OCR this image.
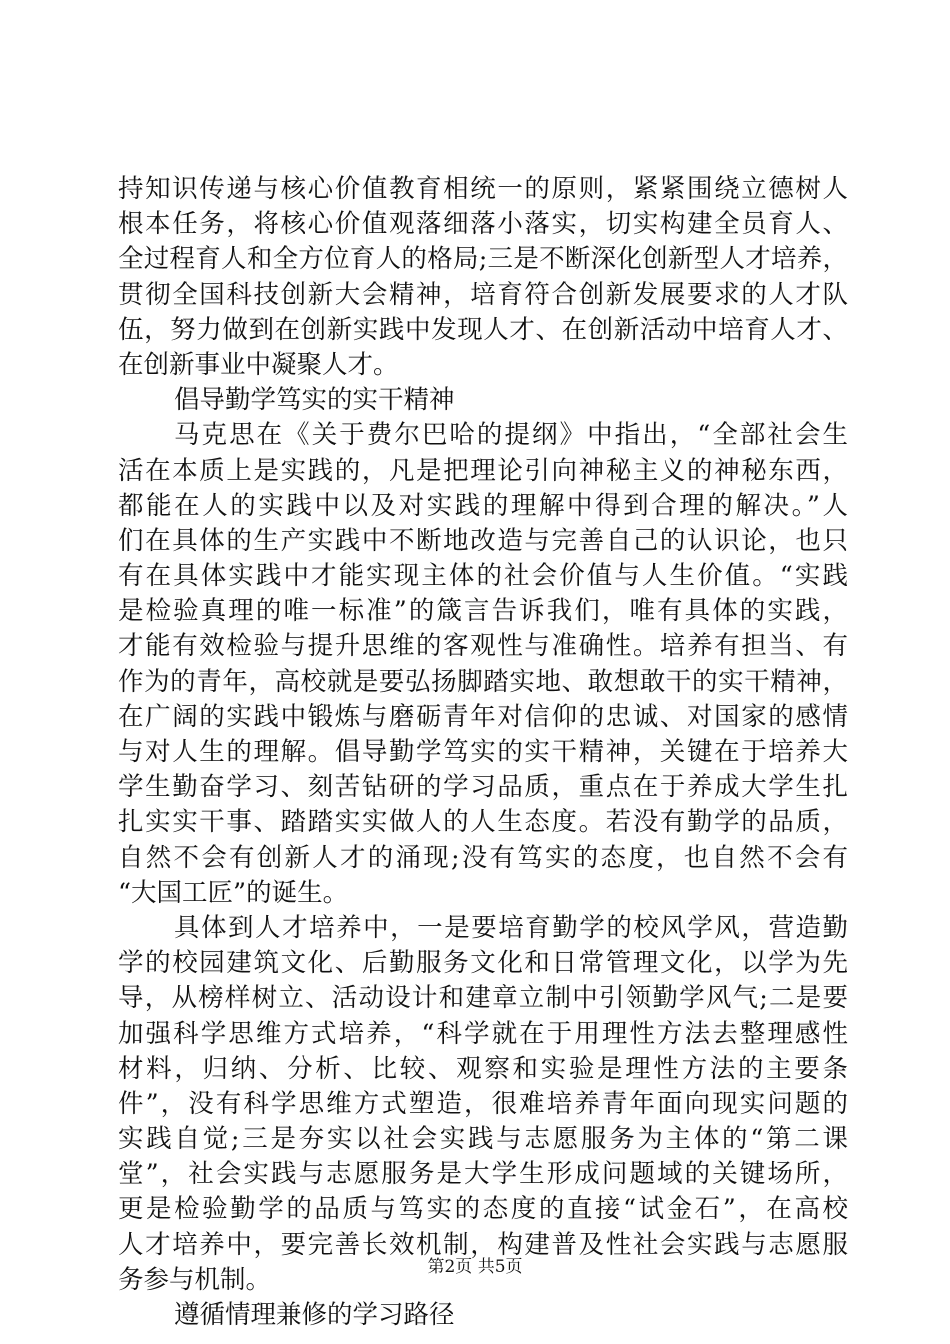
持知识传递与核心价值教育相统一的原则，紧紧围绕立德树人
根本任务，将核心价值观落细落小落实，切实构建全员育人、
全过程育人和全方位育人的格局;三是不断深化创新型人才培养，
贯彻全国科技创新大会精神，培育符合创新发展要求的人才队
伍，努力做到在创新实践中发现人才、在创新活动中培育人才、
在创新事业中凝聚人才。
倡导勤学笃实的实干精神
马克思在《关于费尔巴哈的提纲》中指出，“全部社会生
活在本质上是实践的，凡是把理论引向神秘主义的神秘东西，
都能在人的实践中以及对实践的理解中得到合理的解决。”人
们在具体的生产实践中不断地改造与完善自己的认识论，也只
有在具体实践中才能实现主体的社会价值与人生价值。“实践
是检验真理的唯一标准”的箴言告诉我们，唯有具体的实践，
才能有效检验与提升思维的客观性与准确性。培养有担当、有
作为的青年，高校就是要弘扬脚踏实地、敢想敢干的实干精神，
在广阔的实践中锻炼与磨砺青年对信仰的忠诚、对国家的感情
与对人生的理解。倡导勤学笃实的实干精神，关键在于培养大
学生勤奋学习、刻苦钻研的学习品质，重点在于养成大学生扎
扎实实干事、踏踏实实做人的人生态度。若没有勤学的品质，
自然不会有创新人才的涌现;没有笃实的态度，也自然不会有
“大国工匠”的诞生。
具体到人才培养中，一是要培育勤学的校风学风，营造勤
学的校园建筑文化、后勤服务文化和日常管理文化，以学为先
导，从榜样树立、活动设计和建章立制中引领勤学风气;二是要
加强科学思维方式培养，“科学就在于用理性方法去整理感性
材料，归纳、分析、比较、观察和实验是理性方法的主要条
件”，没有科学思维方式塑造，很难培养青年面向现实问题的
实践自觉;三是夯实以社会实践与志愿服务为主体的“第二课
堂”，社会实践与志愿服务是大学生形成问题域的关键场所，
更是检验勤学的品质与笃实的态度的直接“试金石”，在高校
人才培养中，要完善长效机制，构建普及性社会实践与志愿服
务参与机制。
遵循情理兼修的学习路径
第2页 共5页
